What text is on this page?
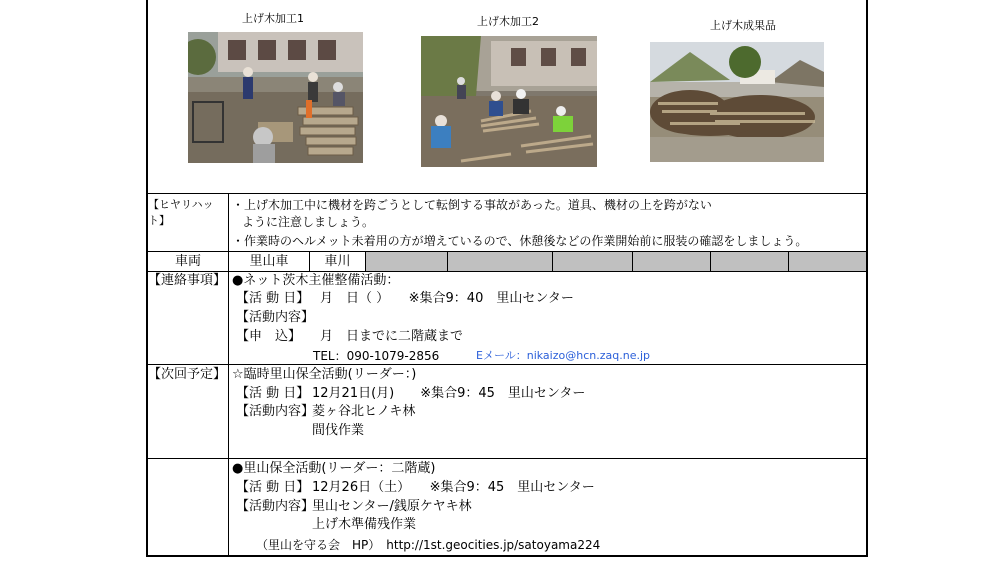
上げ木加工1	上げ木加工2	上げ木成果品
【ヒヤリハット】
・上げ木加工中に機材を跨ごうとして転倒する事故があった。道具、機材の上を跨がない
ように注意しましょう。
・作業時のヘルメット未着用の方が増えているので、休憩後などの作業開始前に服装の確認をしましょう。
車両	里山車	車川
【連絡事項】 ●ネット茨木主催整備活動：
【活 動 日】 月　日（ ）　　※集合9：40　里山センター
【活動内容】
【申　込】 月　日までに二階蔵まで
TEL：090-1079-2856	Eメール：nikaizo@hcn.zaq.ne.jp
【次回予定】 ☆臨時里山保全活動(リーダー：)
【活 動 日】 12月21日(月)　　※集合9：45　里山センター
【活動内容】
菱ヶ谷北ヒノキ林
間伐作業
●里山保全活動(リーダー：二階蔵)
【活 動 日】 12月26日（土）　　※集合9：45　里山センター
【活動内容】
里山センター/銭原ケヤキ林
上げ木準備残作業
（里山を守る会　HP）　http://1st.geocities.jp/satoyama224
